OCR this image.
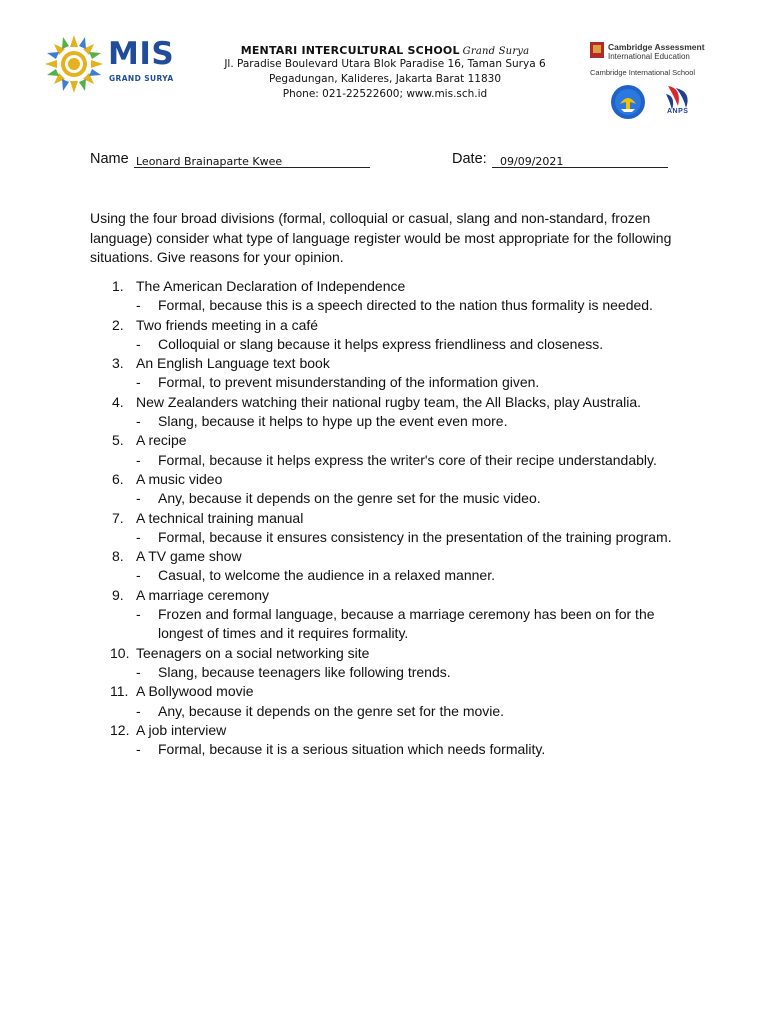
MIS
GRAND SURYA
MENTARI INTERCULTURAL SCHOOL Grand Surya
Jl. Paradise Boulevard Utara Blok Paradise 16, Taman Surya 6
Pegadungan, Kalideres, Jakarta Barat 11830
Phone: 021-22522600; www.mis.sch.id
Cambridge Assessment
International Education
Cambridge International School
ANPS
Name Leonard Brainaparte Kwee	Date: 09/09/2021
Using the four broad divisions (formal, colloquial or casual, slang and non-standard, frozen language) consider what type of language register would be most appropriate for the following situations. Give reasons for your opinion.
1. The American Declaration of Independence
- Formal, because this is a speech directed to the nation thus formality is needed.
2. Two friends meeting in a café
- Colloquial or slang because it helps express friendliness and closeness.
3. An English Language text book
- Formal, to prevent misunderstanding of the information given.
4. New Zealanders watching their national rugby team, the All Blacks, play Australia.
- Slang, because it helps to hype up the event even more.
5. A recipe
- Formal, because it helps express the writer's core of their recipe understandably.
6. A music video
- Any, because it depends on the genre set for the music video.
7. A technical training manual
- Formal, because it ensures consistency in the presentation of the training program.
8. A TV game show
- Casual, to welcome the audience in a relaxed manner.
9. A marriage ceremony
- Frozen and formal language, because a marriage ceremony has been on for the longest of times and it requires formality.
10. Teenagers on a social networking site
- Slang, because teenagers like following trends.
11. A Bollywood movie
- Any, because it depends on the genre set for the movie.
12. A job interview
- Formal, because it is a serious situation which needs formality.
